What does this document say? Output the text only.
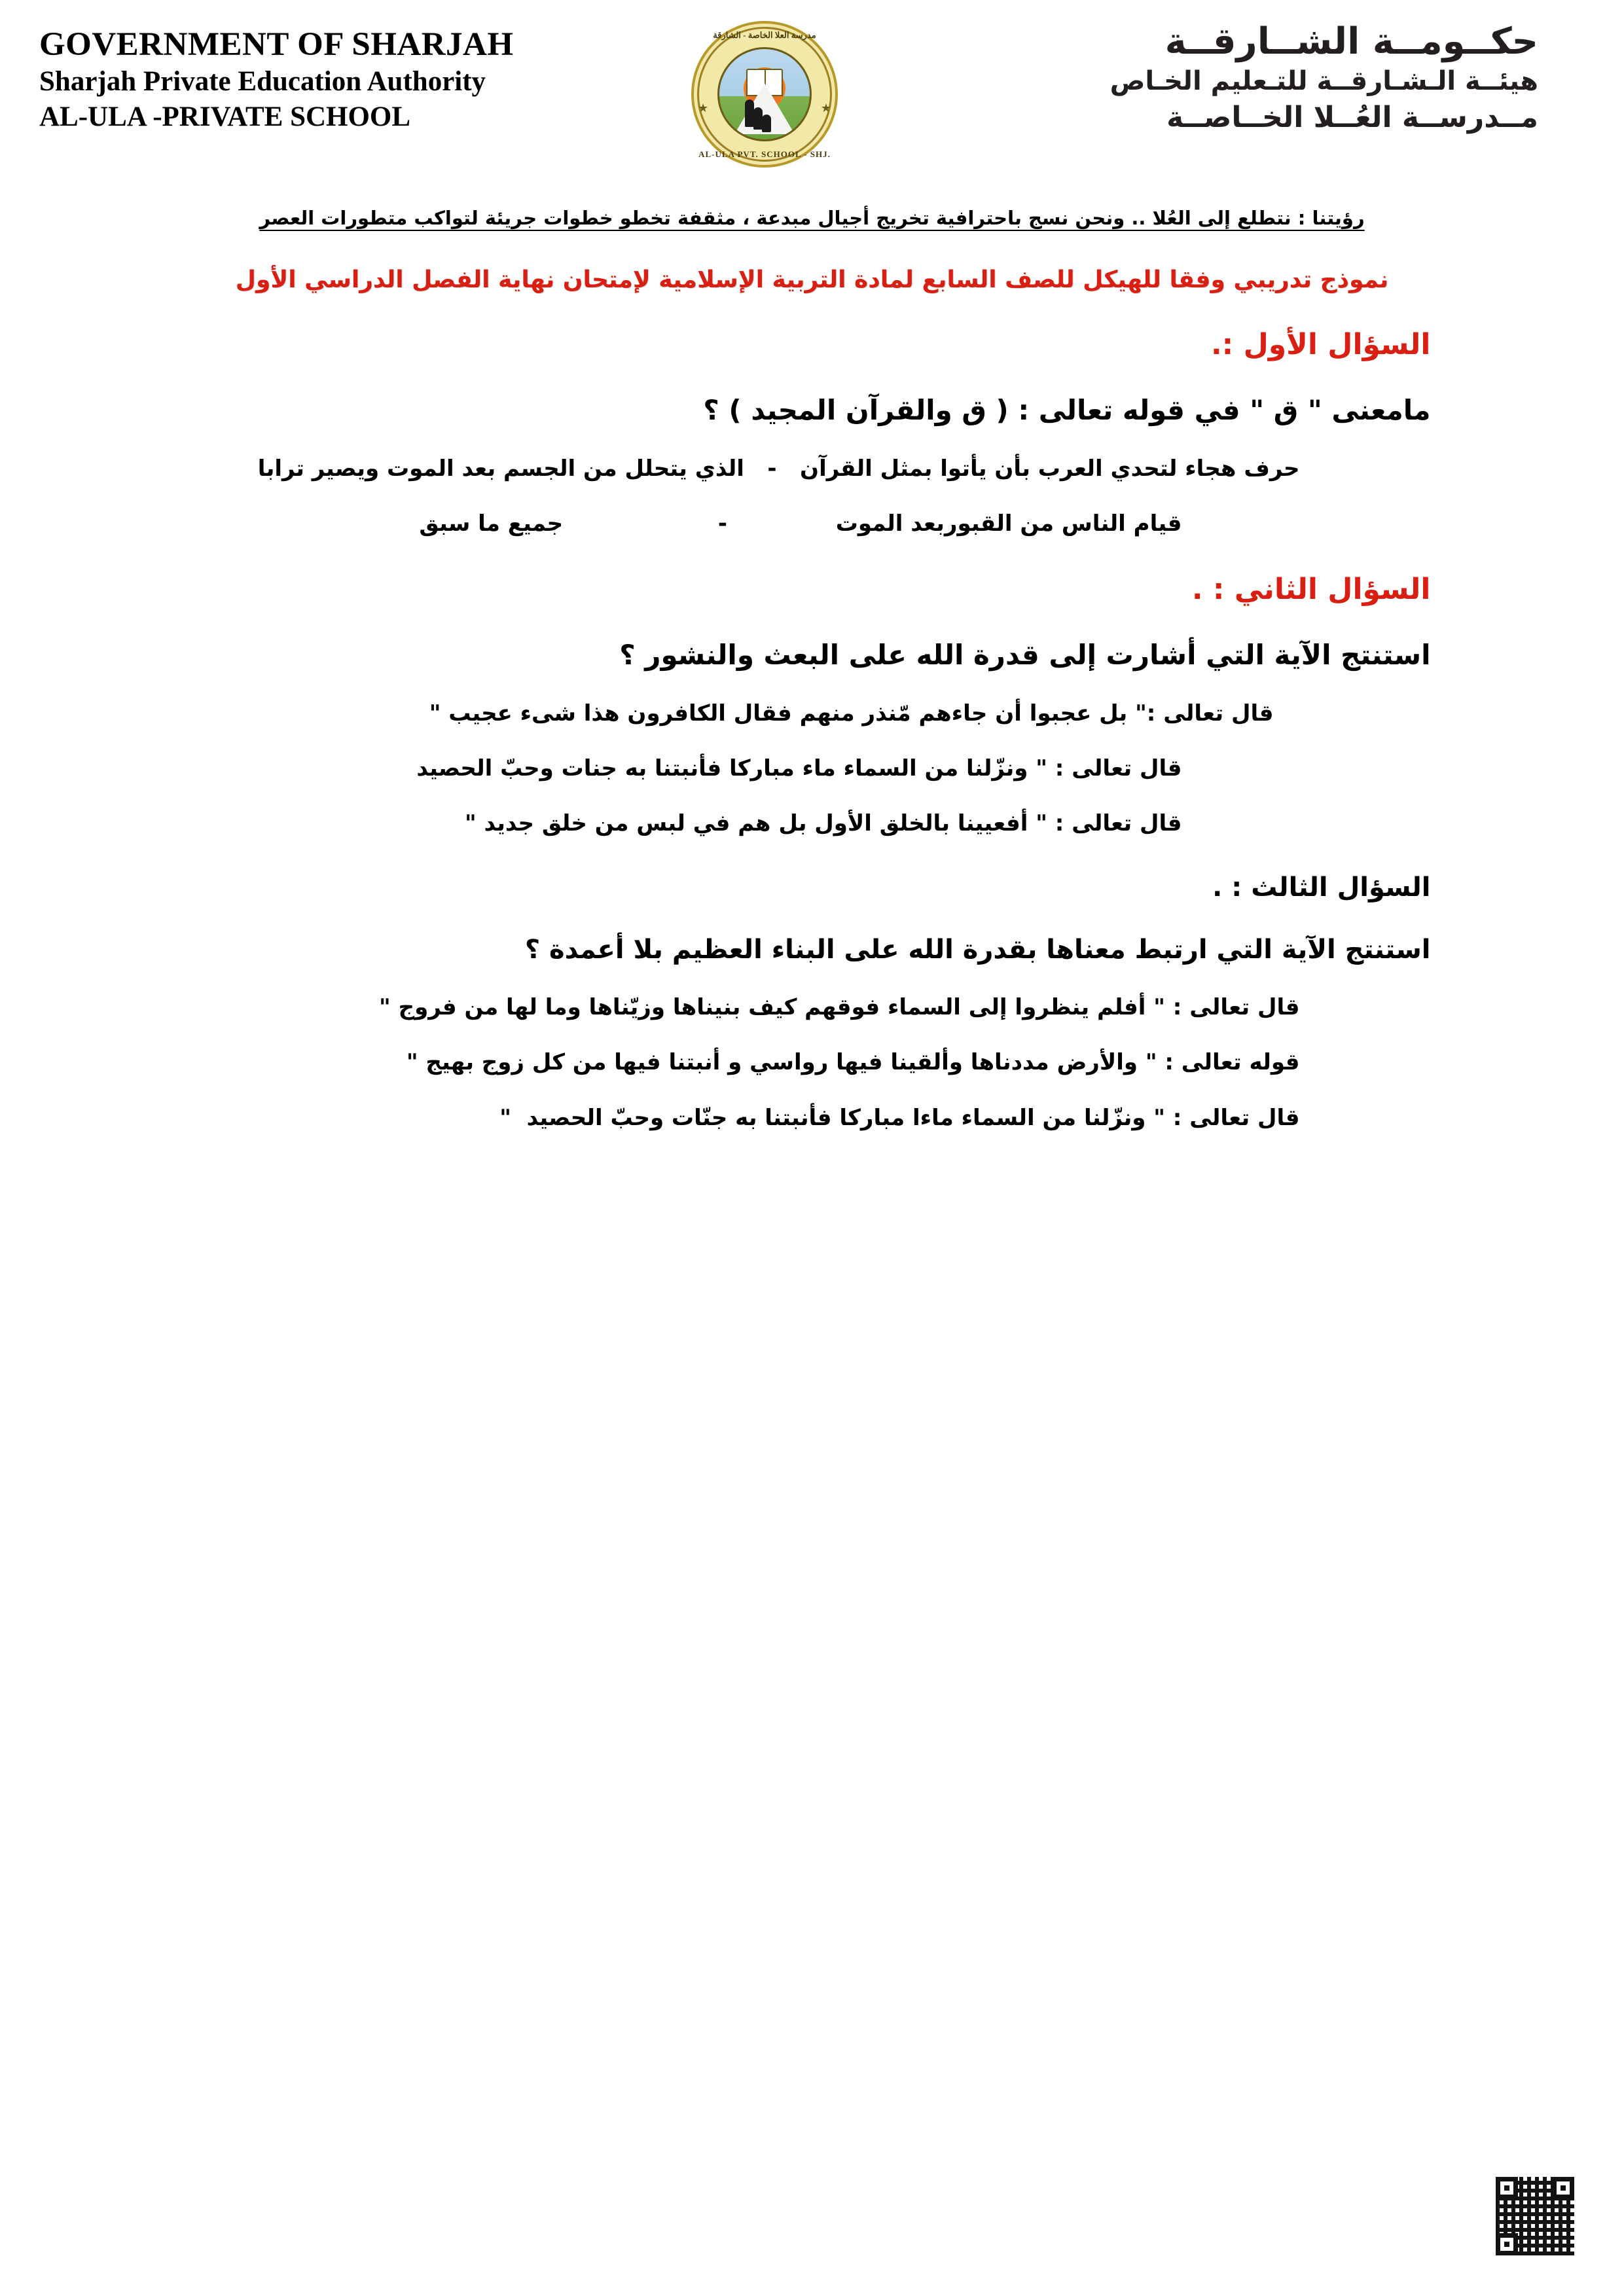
GOVERNMENT OF SHARJAH
Sharjah Private Education Authority
AL-ULA -PRIVATE SCHOOL
مدرسة العلا الخاصة - الشارقة
AL-ULA PVT. SCHOOL - SHJ.
★	★
حكــومــة الشــارقــة
هيئــة الـشـارقــة للتـعليم الخـاص
مــدرســة العُــلا الخــاصــة
رؤيتنا : نتطلع إلى العُلا .. ونحن نسج باحترافية تخريج أجيال مبدعة ، مثقفة تخطو خطوات جريئة لتواكب متطورات العصر
نموذج تدريبي وفقا للهيكل للصف السابع لمادة التربية الإسلامية لإمتحان نهاية الفصل الدراسي الأول
السؤال الأول :.
مامعنى " ق " في قوله تعالى : ( ق والقرآن المجيد ) ؟
حرف هجاء لتحدي العرب بأن يأتوا بمثل القرآن   -   الذي يتحلل من الجسم بعد الموت ويصير ترابا
قيام الناس من القبوربعد الموت              -                    جميع ما سبق
السؤال الثاني : .
استنتج الآية التي أشارت إلى قدرة الله على البعث والنشور ؟
قال تعالى :" بل عجبوا أن جاءهم مّنذر منهم فقال الكافرون هذا شىء عجيب "
قال تعالى : " ونزّلنا من السماء ماء مباركا فأنبتنا به جنات وحبّ الحصيد
قال تعالى : " أفعيينا بالخلق الأول بل هم في لبس من خلق جديد "
السؤال الثالث : .
استنتج الآية التي ارتبط معناها بقدرة الله على البناء العظيم بلا أعمدة ؟
قال تعالى : " أفلم ينظروا إلى السماء فوقهم كيف بنيناها وزيّناها وما لها من فروج "
قوله تعالى : " والأرض مددناها وألقينا فيها رواسي و أنبتنا فيها من كل زوج بهيج "
قال تعالى : " ونزّلنا من السماء ماءا مباركا فأنبتنا به جنّات وحبّ الحصيد  "
